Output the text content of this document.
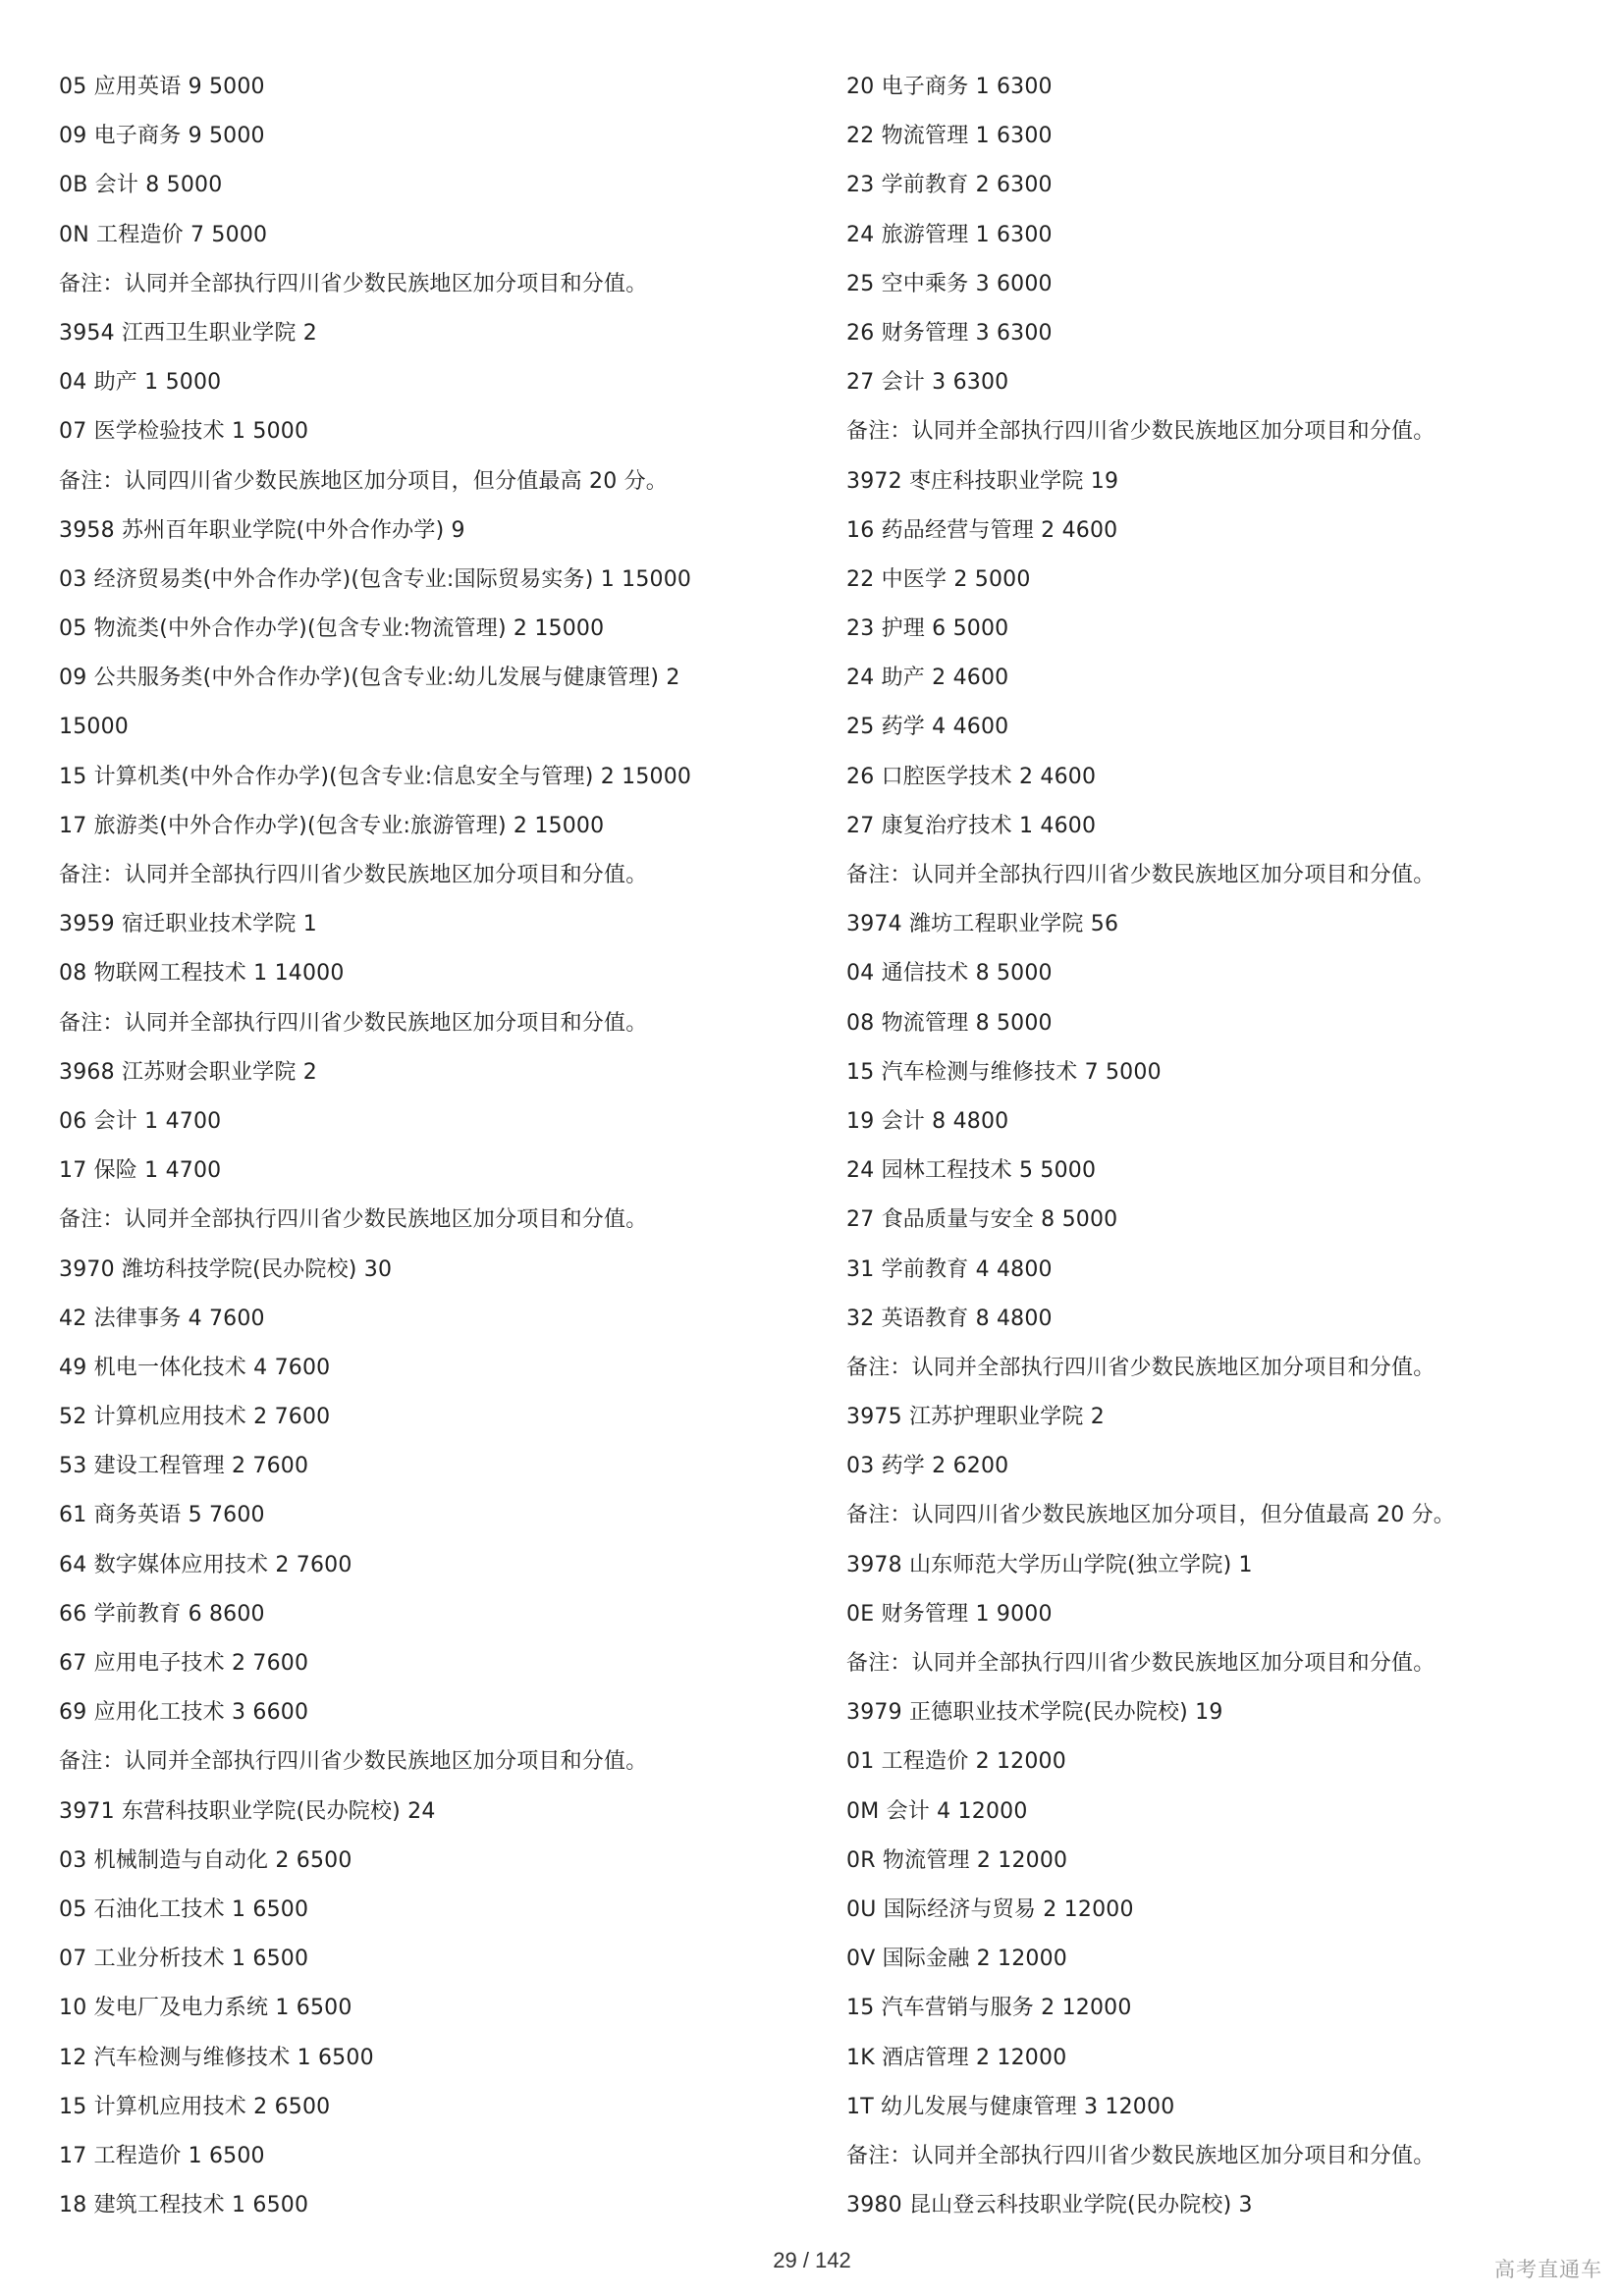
05 应用英语 9 5000
09 电子商务 9 5000
0B 会计 8 5000
0N 工程造价 7 5000
备注：认同并全部执行四川省少数民族地区加分项目和分值。
3954 江西卫生职业学院 2
04 助产 1 5000
07 医学检验技术 1 5000
备注：认同四川省少数民族地区加分项目，但分值最高 20 分。
3958 苏州百年职业学院(中外合作办学) 9
03 经济贸易类(中外合作办学)(包含专业:国际贸易实务) 1 15000
05 物流类(中外合作办学)(包含专业:物流管理) 2 15000
09 公共服务类(中外合作办学)(包含专业:幼儿发展与健康管理) 2
15000
15 计算机类(中外合作办学)(包含专业:信息安全与管理) 2 15000
17 旅游类(中外合作办学)(包含专业:旅游管理) 2 15000
备注：认同并全部执行四川省少数民族地区加分项目和分值。
3959 宿迁职业技术学院 1
08 物联网工程技术 1 14000
备注：认同并全部执行四川省少数民族地区加分项目和分值。
3968 江苏财会职业学院 2
06 会计 1 4700
17 保险 1 4700
备注：认同并全部执行四川省少数民族地区加分项目和分值。
3970 潍坊科技学院(民办院校) 30
42 法律事务 4 7600
49 机电一体化技术 4 7600
52 计算机应用技术 2 7600
53 建设工程管理 2 7600
61 商务英语 5 7600
64 数字媒体应用技术 2 7600
66 学前教育 6 8600
67 应用电子技术 2 7600
69 应用化工技术 3 6600
备注：认同并全部执行四川省少数民族地区加分项目和分值。
3971 东营科技职业学院(民办院校) 24
03 机械制造与自动化 2 6500
05 石油化工技术 1 6500
07 工业分析技术 1 6500
10 发电厂及电力系统 1 6500
12 汽车检测与维修技术 1 6500
15 计算机应用技术 2 6500
17 工程造价 1 6500
18 建筑工程技术 1 6500
20 电子商务 1 6300
22 物流管理 1 6300
23 学前教育 2 6300
24 旅游管理 1 6300
25 空中乘务 3 6000
26 财务管理 3 6300
27 会计 3 6300
备注：认同并全部执行四川省少数民族地区加分项目和分值。
3972 枣庄科技职业学院 19
16 药品经营与管理 2 4600
22 中医学 2 5000
23 护理 6 5000
24 助产 2 4600
25 药学 4 4600
26 口腔医学技术 2 4600
27 康复治疗技术 1 4600
备注：认同并全部执行四川省少数民族地区加分项目和分值。
3974 潍坊工程职业学院 56
04 通信技术 8 5000
08 物流管理 8 5000
15 汽车检测与维修技术 7 5000
19 会计 8 4800
24 园林工程技术 5 5000
27 食品质量与安全 8 5000
31 学前教育 4 4800
32 英语教育 8 4800
备注：认同并全部执行四川省少数民族地区加分项目和分值。
3975 江苏护理职业学院 2
03 药学 2 6200
备注：认同四川省少数民族地区加分项目，但分值最高 20 分。
3978 山东师范大学历山学院(独立学院) 1
0E 财务管理 1 9000
备注：认同并全部执行四川省少数民族地区加分项目和分值。
3979 正德职业技术学院(民办院校) 19
01 工程造价 2 12000
0M 会计 4 12000
0R 物流管理 2 12000
0U 国际经济与贸易 2 12000
0V 国际金融 2 12000
15 汽车营销与服务 2 12000
1K 酒店管理 2 12000
1T 幼儿发展与健康管理 3 12000
备注：认同并全部执行四川省少数民族地区加分项目和分值。
3980 昆山登云科技职业学院(民办院校) 3
29 / 142	高考直通车
